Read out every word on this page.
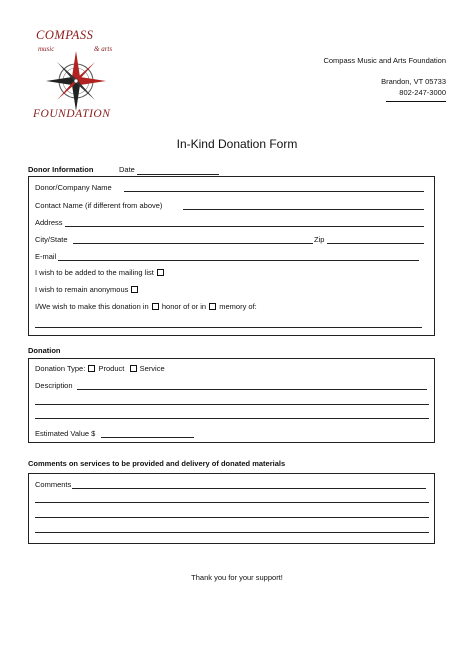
COMPASS
music	& arts
FOUNDATION
Compass Music and Arts Foundation
Brandon, VT 05733
802-247-3000
In-Kind Donation Form
Donor Information	Date
Donor/Company Name
Contact Name (if different from above)
Address
City/State	Zip
E-mail
I wish to be added to the mailing list
I wish to remain anonymous
I/We wish to make this donation in honor of or in memory of:
Donation
Donation Type: Product Service
Description
Estimated Value $
Comments on services to be provided and delivery of donated materials
Comments
Thank you for your support!
